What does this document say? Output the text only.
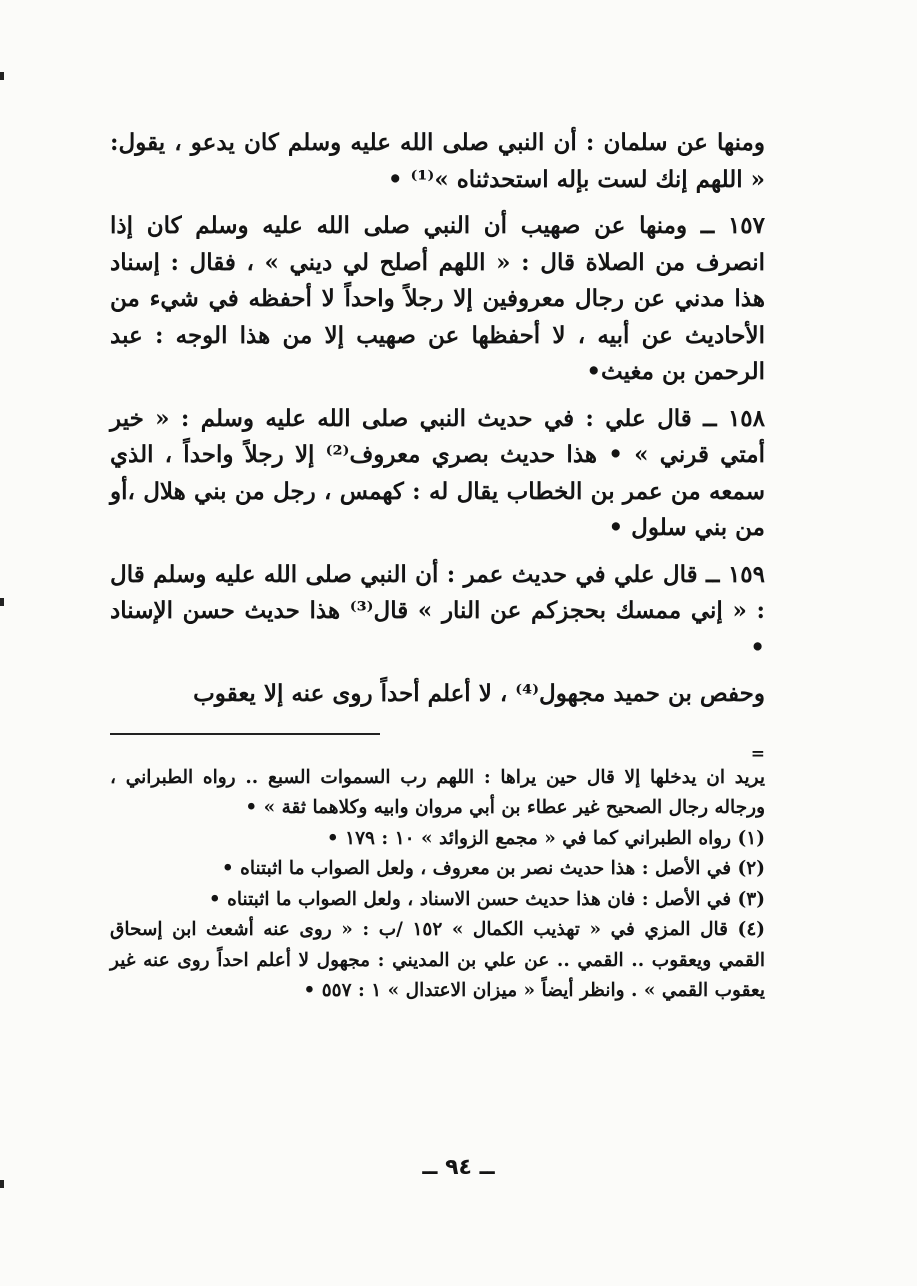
ومنها عن سلمان : أن النبي صلى الله عليه وسلم كان يدعو ، يقول: « اللهم إنك لست بإله استحدثناه »⁽¹⁾ •

١٥٧ ــ ومنها عن صهيب أن النبي صلى الله عليه وسلم كان إذا انصرف من الصلاة قال : « اللهم أصلح لي ديني » ، فقال : إسناد هذا مدني عن رجال معروفين إلا رجلاً واحداً لا أحفظه في شيء من الأحاديث عن أبيه ، لا أحفظها عن صهيب إلا من هذا الوجه : عبد الرحمن بن مغيث•

١٥٨ ــ قال علي : في حديث النبي صلى الله عليه وسلم : « خير أمتي قرني » • هذا حديث بصري معروف⁽²⁾ إلا رجلاً واحداً ، الذي سمعه من عمر بن الخطاب يقال له : كهمس ، رجل من بني هلال ،أو من بني سلول •

١٥٩ ــ قال علي في حديث عمر : أن النبي صلى الله عليه وسلم قال : « إني ممسك بحجزكم عن النار » قال⁽³⁾ هذا حديث حسن الإسناد •

وحفص بن حميد مجهول⁽⁴⁾ ، لا أعلم أحداً روى عنه إلا يعقوب

=

يريد ان يدخلها إلا قال حين يراها : اللهم رب السموات السبع .. رواه الطبراني ، ورجاله رجال الصحيح غير عطاء بن أبي مروان وابيه وكلاهما ثقة » •

(١) رواه الطبراني كما في « مجمع الزوائد » ١٠ : ١٧٩ •

(٢) في الأصل : هذا حديث نصر بن معروف ، ولعل الصواب ما اثبتناه •

(٣) في الأصل : فان هذا حديث حسن الاسناد ، ولعل الصواب ما اثبتناه •

(٤) قال المزي في « تهذيب الكمال » ١٥٢ /ب : « روى عنه أشعث ابن إسحاق القمي ويعقوب .. القمي .. عن علي بن المديني : مجهول لا أعلم احداً روى عنه غير يعقوب القمي » . وانظر أيضاً « ميزان الاعتدال » ١ : ٥٥٧ •

ــ ٩٤ ــ
